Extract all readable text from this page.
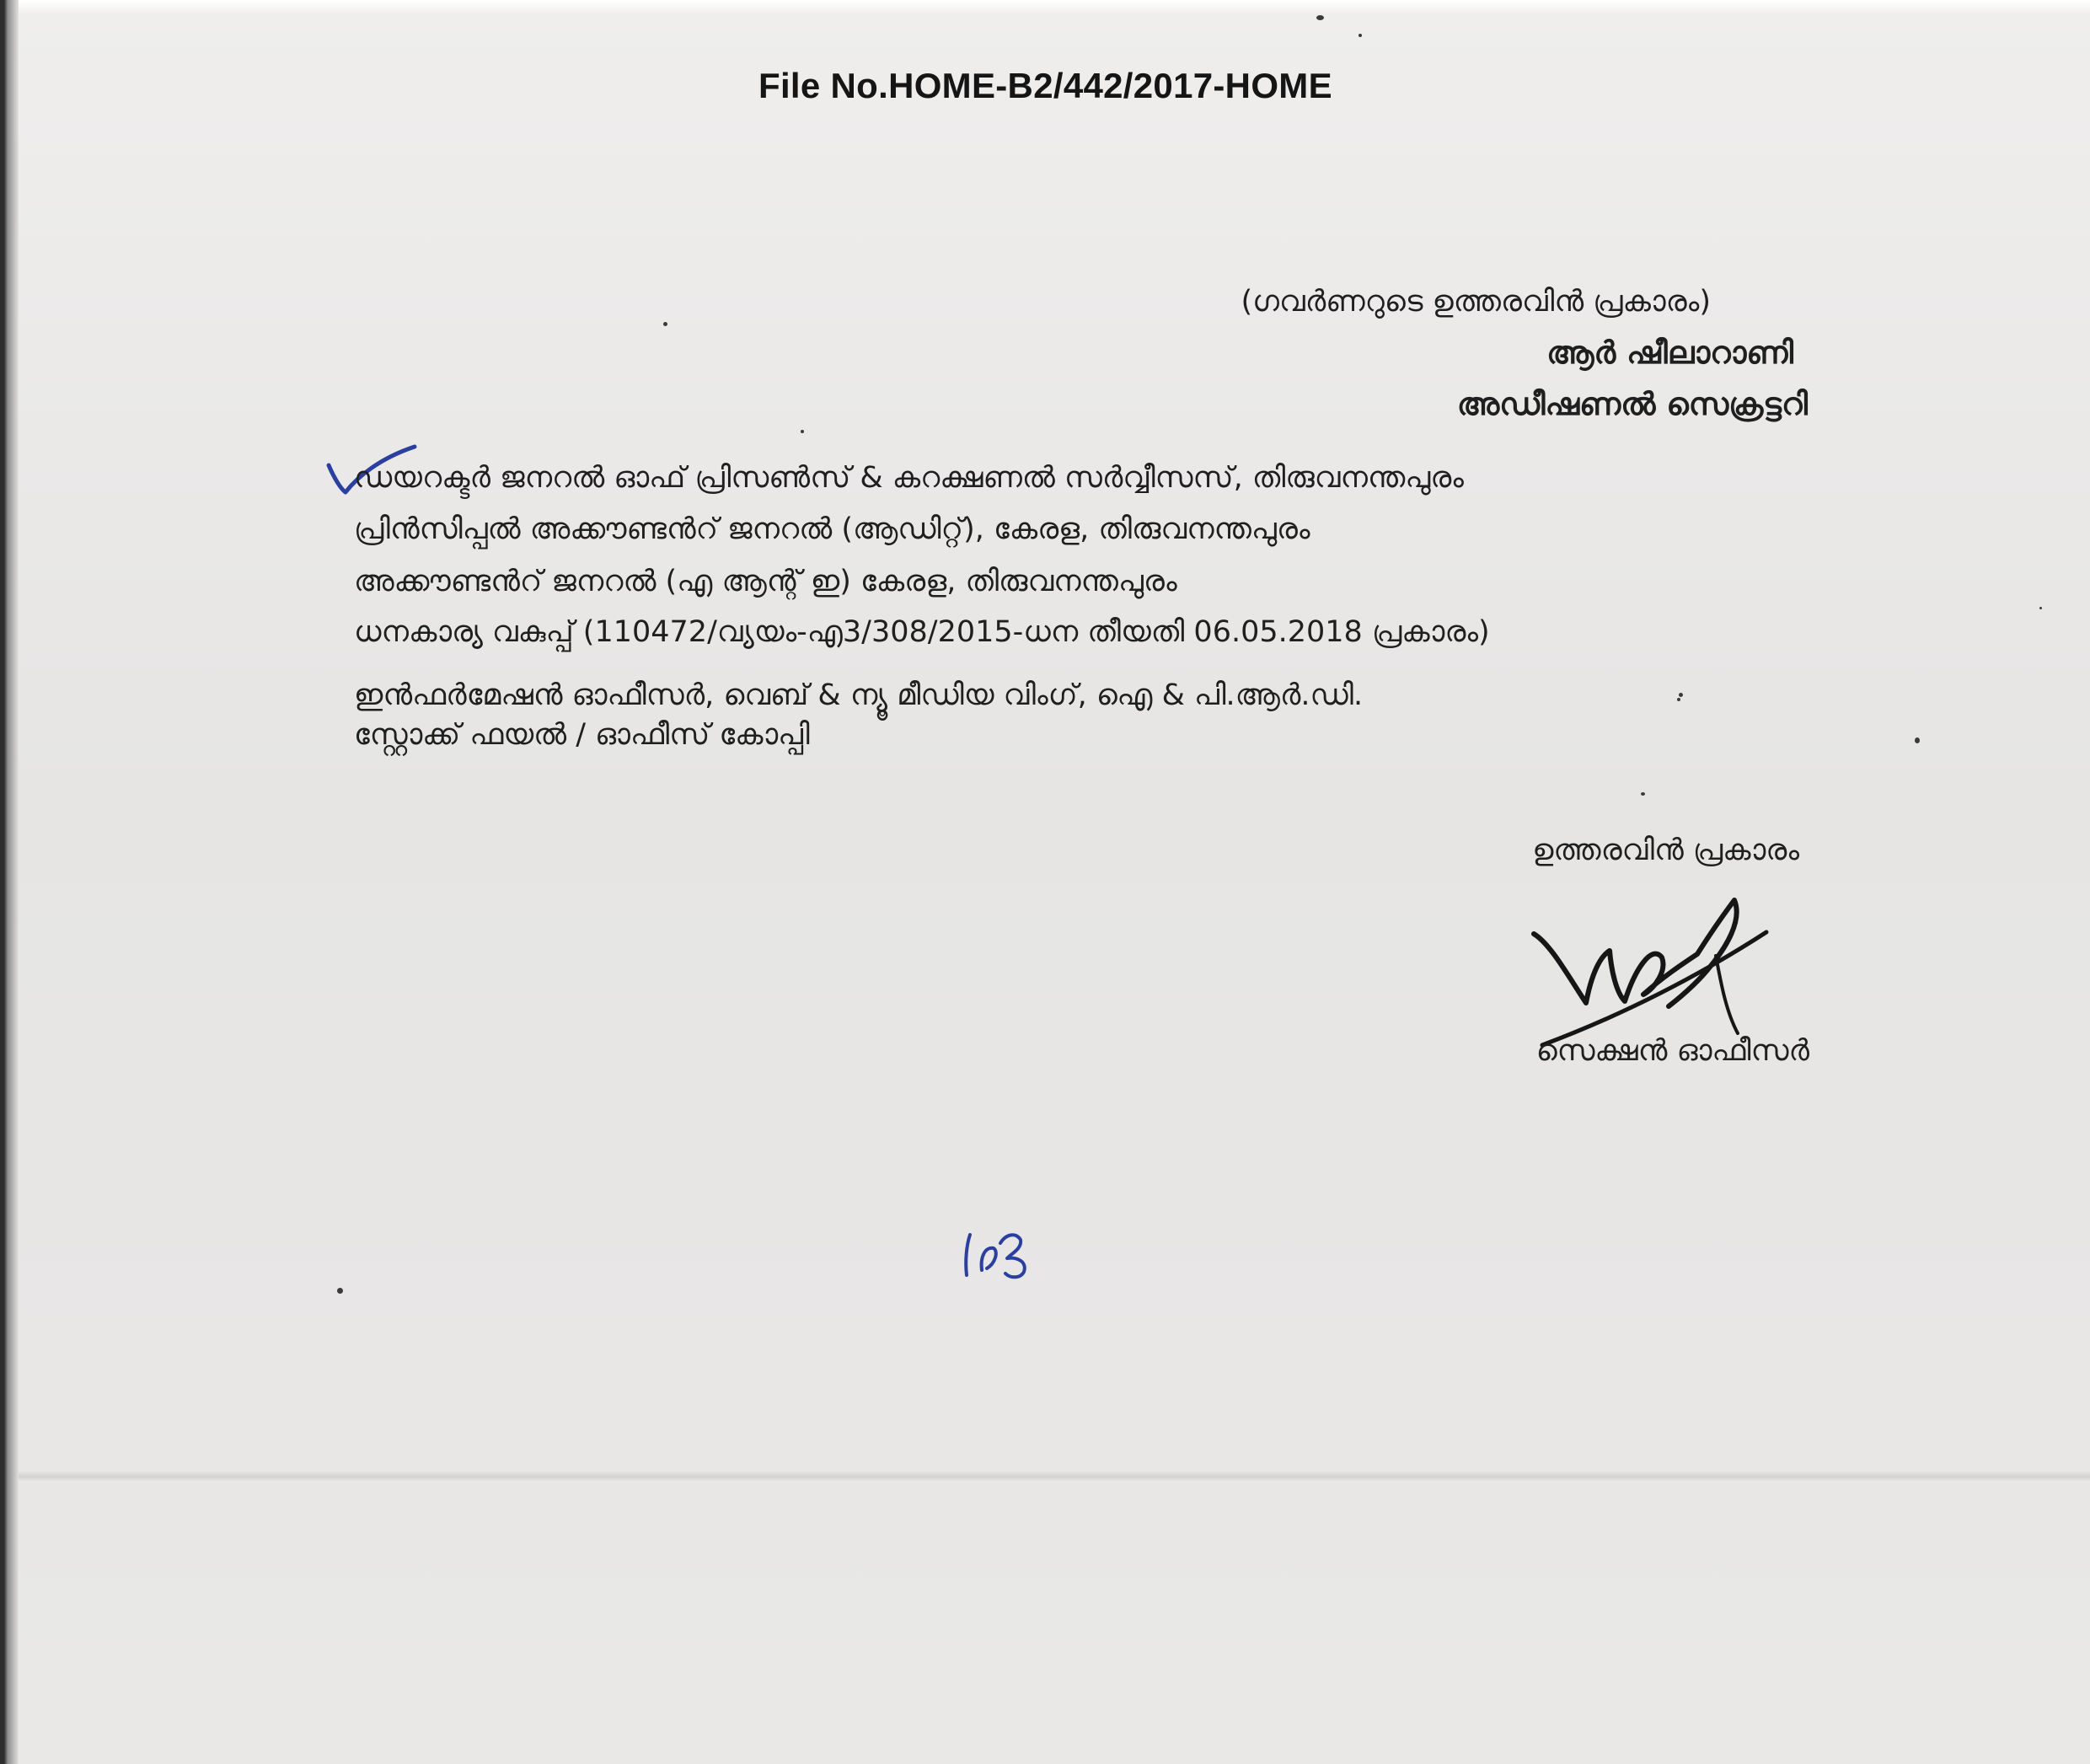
File No.HOME-B2/442/2017-HOME
(ഗവർണറുടെ ഉത്തരവിൻ പ്രകാരം)
ആർ ഷീലാറാണി
അഡീഷണൽ സെക്രട്ടറി
ഡയറക്ടർ ജനറൽ ഓഫ് പ്രിസൺസ് & കറക്ഷണൽ സർവ്വീസസ്, തിരുവനന്തപുരം
പ്രിൻസിപ്പൽ അക്കൗണ്ടൻറ് ജനറൽ (ആഡിറ്റ്), കേരള, തിരുവനന്തപുരം
അക്കൗണ്ടൻറ് ജനറൽ (എ ആന്റ് ഇ) കേരള, തിരുവനന്തപുരം
ധനകാര്യ വകുപ്പ് (110472/വ്യയം-എ3/308/2015-ധന തീയതി 06.05.2018 പ്രകാരം)
ഇൻഫർമേഷൻ ഓഫീസർ, വെബ് & ന്യൂ മീഡിയ വിംഗ്, ഐ & പി.ആർ.ഡി.
സ്റ്റോക്ക് ഫയൽ / ഓഫീസ് കോപ്പി
ഉത്തരവിൻ പ്രകാരം
സെക്ഷൻ ഓഫീസർ
